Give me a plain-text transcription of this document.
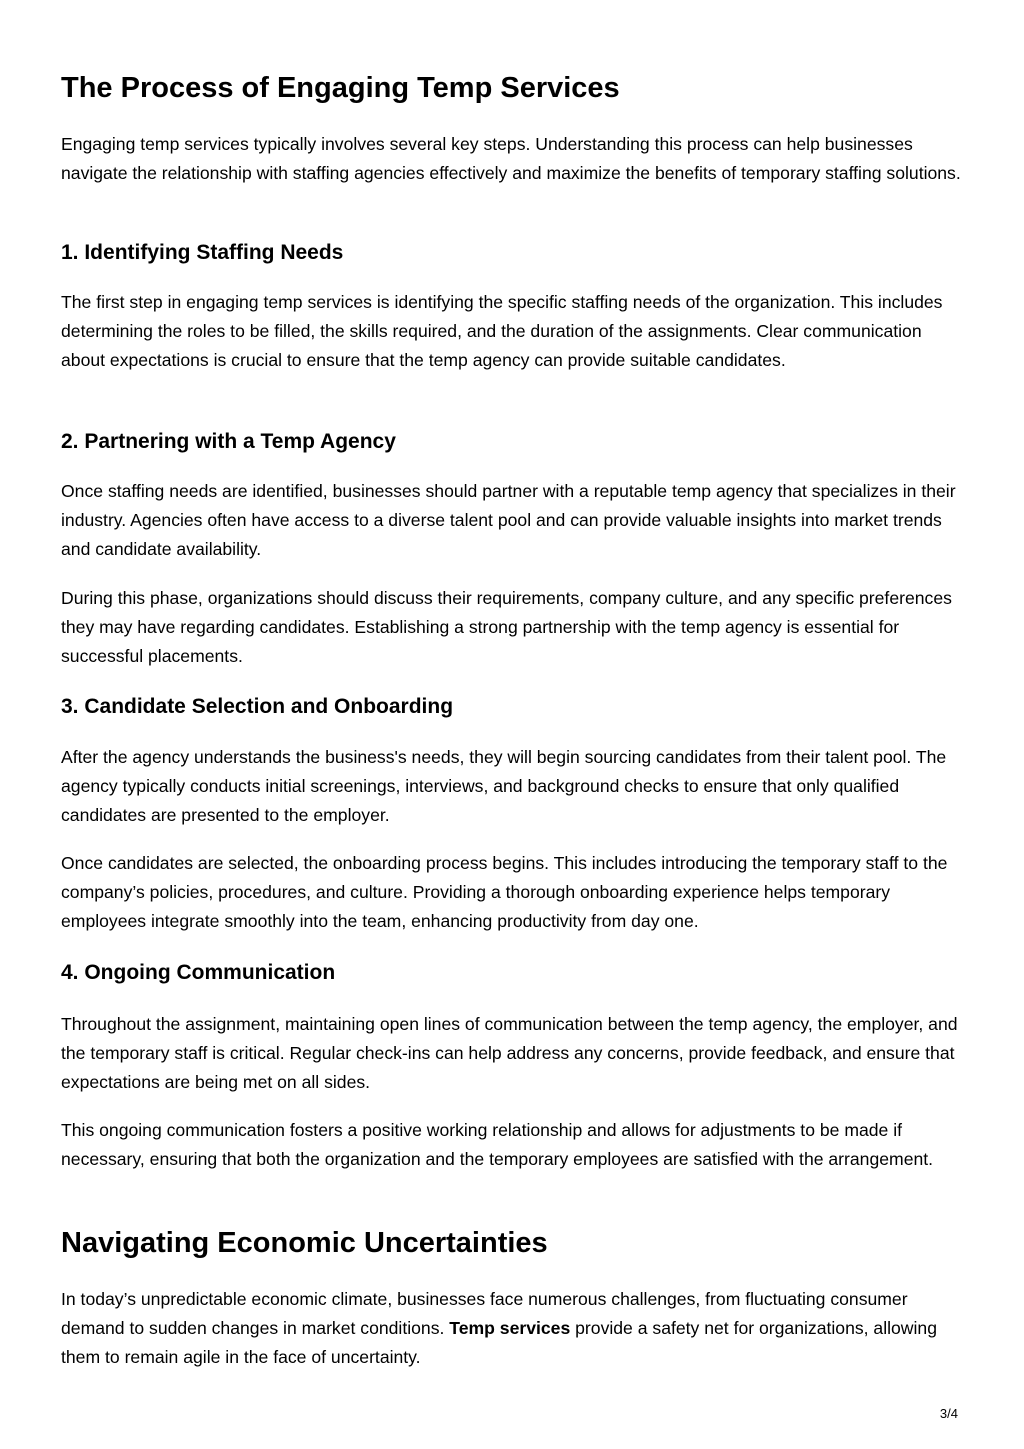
The Process of Engaging Temp Services

Engaging temp services typically involves several key steps. Understanding this process can help businesses navigate the relationship with staffing agencies effectively and maximize the benefits of temporary staffing solutions.

1. Identifying Staffing Needs

The first step in engaging temp services is identifying the specific staffing needs of the organization. This includes determining the roles to be filled, the skills required, and the duration of the assignments. Clear communication about expectations is crucial to ensure that the temp agency can provide suitable candidates.

2. Partnering with a Temp Agency

Once staffing needs are identified, businesses should partner with a reputable temp agency that specializes in their industry. Agencies often have access to a diverse talent pool and can provide valuable insights into market trends and candidate availability.

During this phase, organizations should discuss their requirements, company culture, and any specific preferences they may have regarding candidates. Establishing a strong partnership with the temp agency is essential for successful placements.

3. Candidate Selection and Onboarding

After the agency understands the business's needs, they will begin sourcing candidates from their talent pool. The agency typically conducts initial screenings, interviews, and background checks to ensure that only qualified candidates are presented to the employer.

Once candidates are selected, the onboarding process begins. This includes introducing the temporary staff to the company’s policies, procedures, and culture. Providing a thorough onboarding experience helps temporary employees integrate smoothly into the team, enhancing productivity from day one.

4. Ongoing Communication

Throughout the assignment, maintaining open lines of communication between the temp agency, the employer, and the temporary staff is critical. Regular check-ins can help address any concerns, provide feedback, and ensure that expectations are being met on all sides.

This ongoing communication fosters a positive working relationship and allows for adjustments to be made if necessary, ensuring that both the organization and the temporary employees are satisfied with the arrangement.

Navigating Economic Uncertainties

In today’s unpredictable economic climate, businesses face numerous challenges, from fluctuating consumer demand to sudden changes in market conditions. Temp services provide a safety net for organizations, allowing them to remain agile in the face of uncertainty.

3/4
